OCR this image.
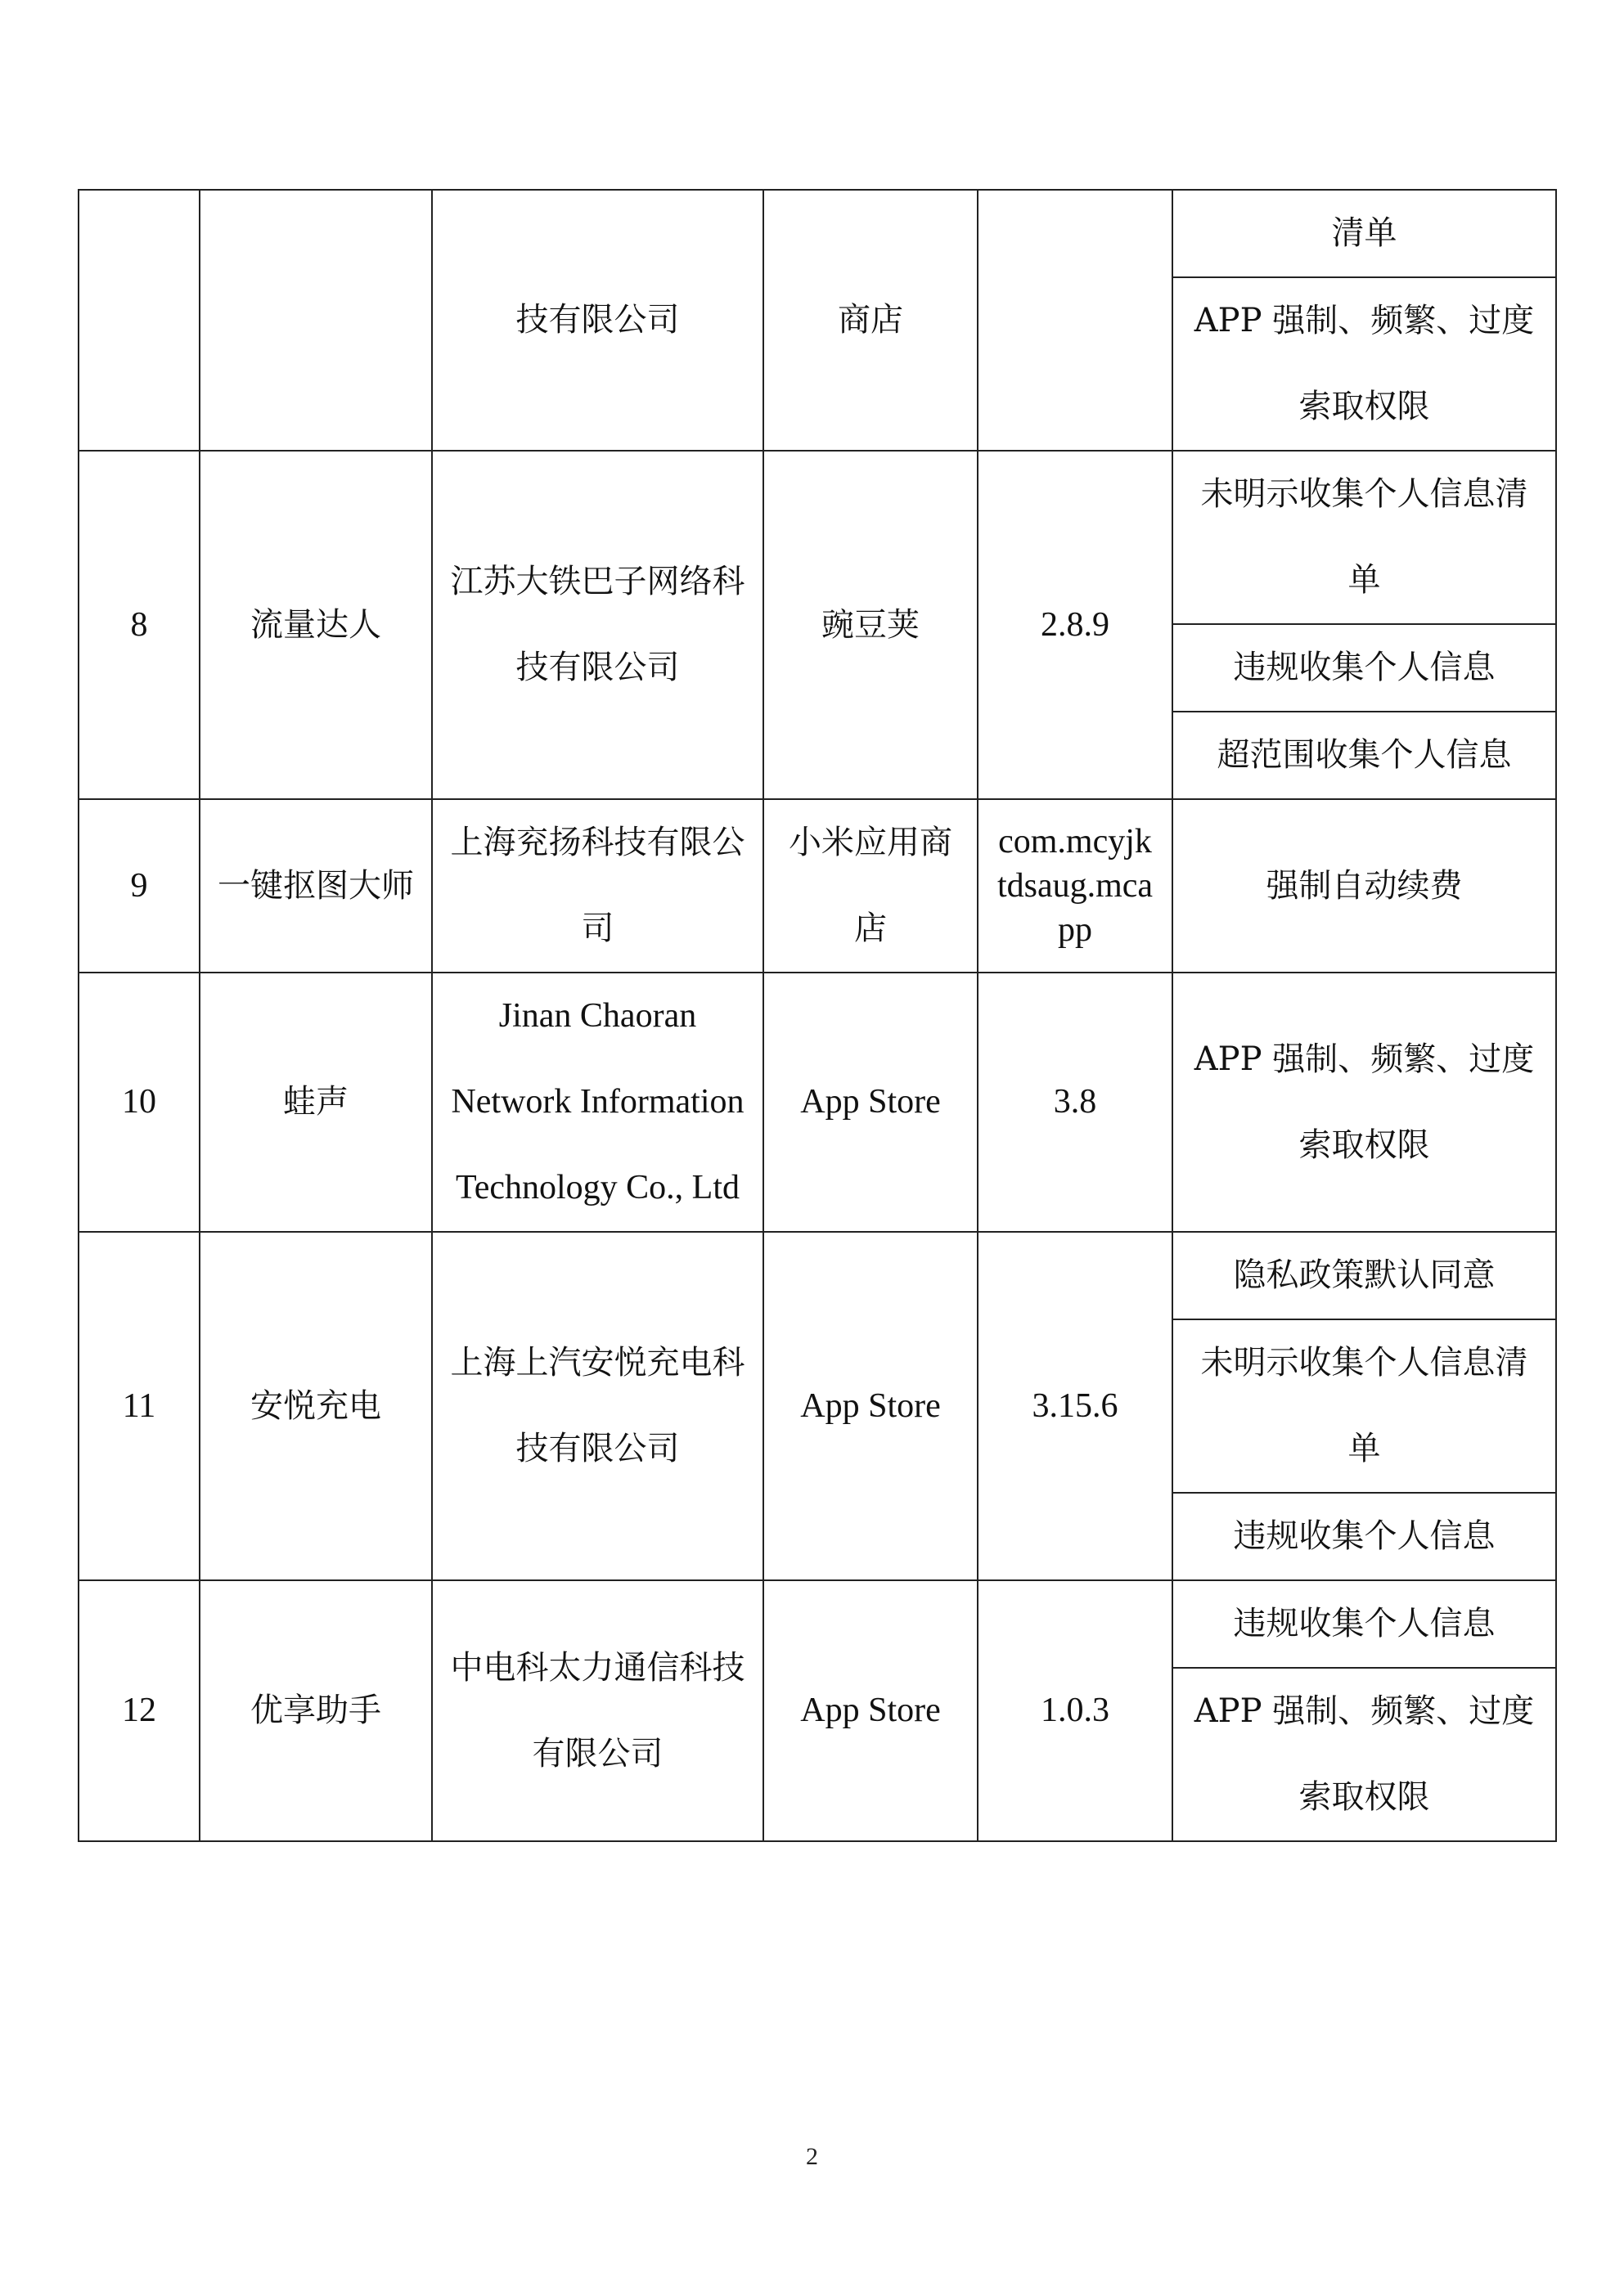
		技有限公司	商店		清单
					APP 强制、频繁、过度索取权限
8	流量达人	江苏大铁巴子网络科技有限公司	豌豆荚	2.8.9	未明示收集个人信息清单
					违规收集个人信息
					超范围收集个人信息
9	一键抠图大师	上海兖扬科技有限公司	小米应用商店	com.mcyjktdsaug.mcapp	强制自动续费
10	蛙声	Jinan Chaoran Network Information Technology Co., Ltd	App Store	3.8	APP 强制、频繁、过度索取权限
11	安悦充电	上海上汽安悦充电科技有限公司	App Store	3.15.6	隐私政策默认同意
					未明示收集个人信息清单
					违规收集个人信息
12	优享助手	中电科太力通信科技有限公司	App Store	1.0.3	违规收集个人信息
					APP 强制、频繁、过度索取权限
2
